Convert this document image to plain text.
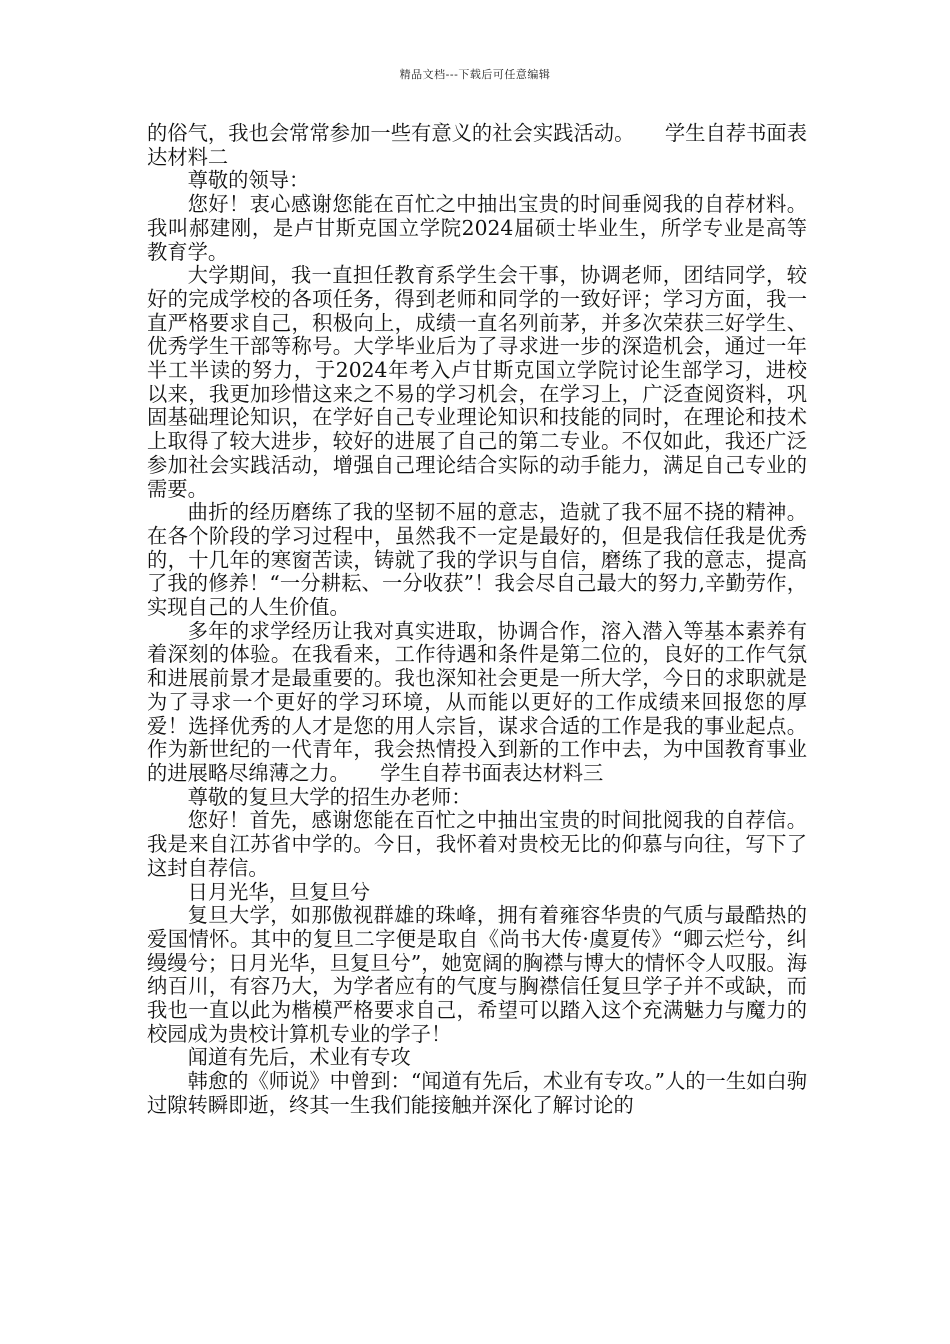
精品文档---下载后可任意编辑

的俗气，我也会常常参加一些有意义的社会实践活动。　　学生自荐书面表达材料二

尊敬的领导：

您好！衷心感谢您能在百忙之中抽出宝贵的时间垂阅我的自荐材料。我叫郝建刚，是卢甘斯克国立学院2024届硕士毕业生，所学专业是高等教育学。

大学期间，我一直担任教育系学生会干事，协调老师，团结同学，较好的完成学校的各项任务，得到老师和同学的一致好评；学习方面，我一直严格要求自己，积极向上，成绩一直名列前茅，并多次荣获三好学生、优秀学生干部等称号。大学毕业后为了寻求进一步的深造机会，通过一年半工半读的努力，于2024年考入卢甘斯克国立学院讨论生部学习，进校以来，我更加珍惜这来之不易的学习机会，在学习上，广泛查阅资料，巩固基础理论知识，在学好自己专业理论知识和技能的同时，在理论和技术上取得了较大进步，较好的进展了自己的第二专业。不仅如此，我还广泛参加社会实践活动，增强自己理论结合实际的动手能力，满足自己专业的需要。

曲折的经历磨练了我的坚韧不屈的意志，造就了我不屈不挠的精神。在各个阶段的学习过程中，虽然我不一定是最好的，但是我信任我是优秀的，十几年的寒窗苦读，铸就了我的学识与自信，磨练了我的意志，提高了我的修养！“一分耕耘、一分收获”！我会尽自己最大的努力,辛勤劳作，实现自己的人生价值。

多年的求学经历让我对真实进取，协调合作，溶入潜入等基本素养有着深刻的体验。在我看来，工作待遇和条件是第二位的，良好的工作气氛和进展前景才是最重要的。我也深知社会更是一所大学，今日的求职就是为了寻求一个更好的学习环境，从而能以更好的工作成绩来回报您的厚爱！选择优秀的人才是您的用人宗旨，谋求合适的工作是我的事业起点。作为新世纪的一代青年，我会热情投入到新的工作中去，为中国教育事业的进展略尽绵薄之力。　　学生自荐书面表达材料三

尊敬的复旦大学的招生办老师：

您好！首先，感谢您能在百忙之中抽出宝贵的时间批阅我的自荐信。我是来自江苏省中学的。今日，我怀着对贵校无比的仰慕与向往，写下了这封自荐信。

日月光华，旦复旦兮

复旦大学，如那傲视群雄的珠峰，拥有着雍容华贵的气质与最酷热的爱国情怀。其中的复旦二字便是取自《尚书大传·虞夏传》“卿云烂兮，纠缦缦兮；日月光华，旦复旦兮”，她宽阔的胸襟与博大的情怀令人叹服。海纳百川，有容乃大，为学者应有的气度与胸襟信任复旦学子并不或缺，而我也一直以此为楷模严格要求自己，希望可以踏入这个充满魅力与魔力的校园成为贵校计算机专业的学子！

闻道有先后，术业有专攻

韩愈的《师说》中曾到：“闻道有先后，术业有专攻。”人的一生如白驹过隙转瞬即逝，终其一生我们能接触并深化了解讨论的
